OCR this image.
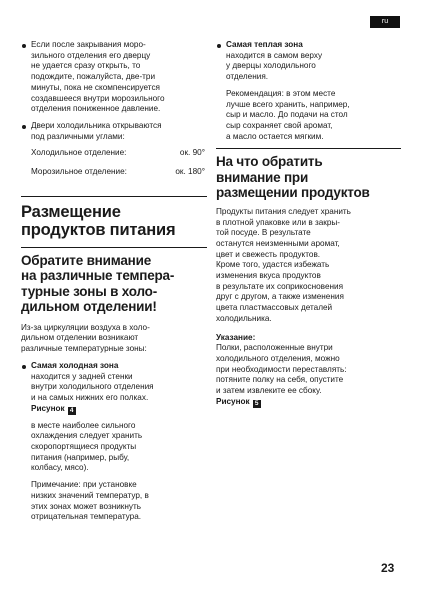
ru

Если после закрывания моро-

зильного отделения его дверцу

не удается сразу открыть, то

подождите, пожалуйста, две-три

минуты, пока не скомпенсируется

создавшееся внутри морозильного

отделения пониженное давление.

Двери холодильника открываются

под различными углами:

Холодильное отделение:	ок. 90°
Морозильное отделение:	ок. 180°

Размещение

продуктов питания

Обратите внимание

на различные темпера-

турные зоны в холо-

дильном отделении!

Из-за циркуляции воздуха в холо-

дильном отделении возникают

различные температурные зоны:

Самая холодная зона

находится у задней стенки

внутри холодильного отделения

и на самых нижних его полках.

Рисунок 4

в месте наиболее сильного

охлаждения следует хранить

скоропортящиеся продукты

питания (например, рыбу,

колбасу, мясо).

Примечание: при установке

низких значений температур, в

этих зонах может возникнуть

отрицательная температура.

Самая теплая зона

находится в самом верху

у дверцы холодильного

отделения.

Рекомендация: в этом месте

лучше всего хранить, например,

сыр и масло. До подачи на стол

сыр сохраняет свой аромат,

а масло остается мягким.

На что обратить

внимание при

размещении продуктов

Продукты питания следует хранить

в плотной упаковке или в закры-

той посуде. В результате

останутся неизменными аромат,

цвет и свежесть продуктов.

Кроме того, удастся избежать

изменения вкуса продуктов

в результате их соприкосновения

друг с другом, а также изменения

цвета пластмассовых деталей

холодильника.

Указание:

Полки, расположенные внутри

холодильного отделения, можно

при необходимости переставлять:

потяните полку на себя, опустите

и затем извлеките ее сбоку.

Рисунок 5

23
